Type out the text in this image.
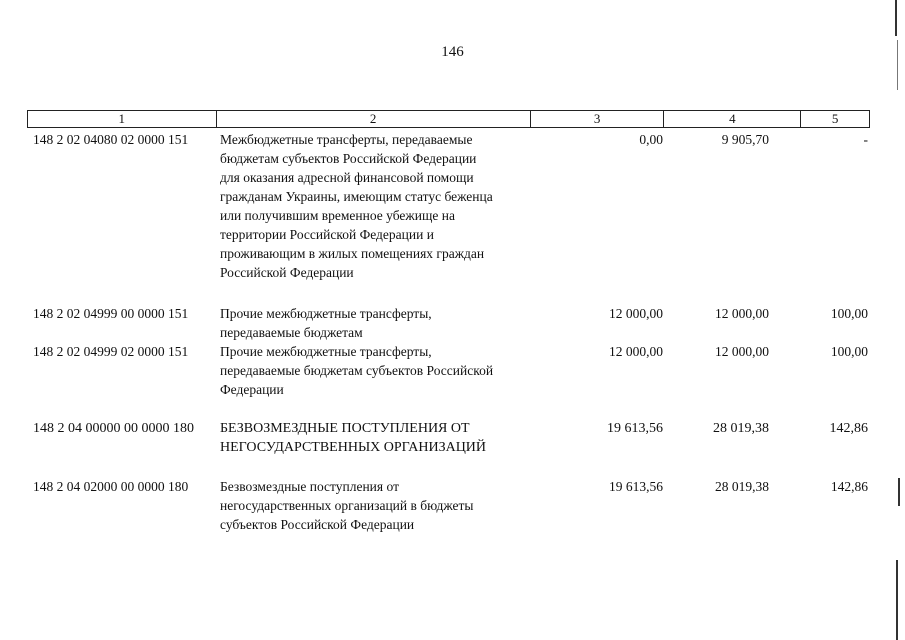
146
1	2	3	4	5
148 2 02 04080 02 0000 151 Межбюджетные трансферты, передаваемые
бюджетам субъектов Российской Федерации
для оказания адресной финансовой помощи
гражданам Украины, имеющим статус беженца
или получившим временное убежище на
территории Российской Федерации и
проживающим в жилых помещениях граждан
Российской Федерации
0,00	9 905,70	-
148 2 02 04999 00 0000 151 Прочие межбюджетные трансферты,
передаваемые бюджетам
12 000,00	12 000,00	100,00
148 2 02 04999 02 0000 151 Прочие межбюджетные трансферты,
передаваемые бюджетам субъектов Российской
Федерации
12 000,00	12 000,00	100,00
148 2 04 00000 00 0000 180 БЕЗВОЗМЕЗДНЫЕ ПОСТУПЛЕНИЯ ОТ
НЕГОСУДАРСТВЕННЫХ ОРГАНИЗАЦИЙ
19 613,56	28 019,38	142,86
148 2 04 02000 00 0000 180 Безвозмездные поступления от
негосударственных организаций в бюджеты
субъектов Российской Федерации
19 613,56	28 019,38	142,86
